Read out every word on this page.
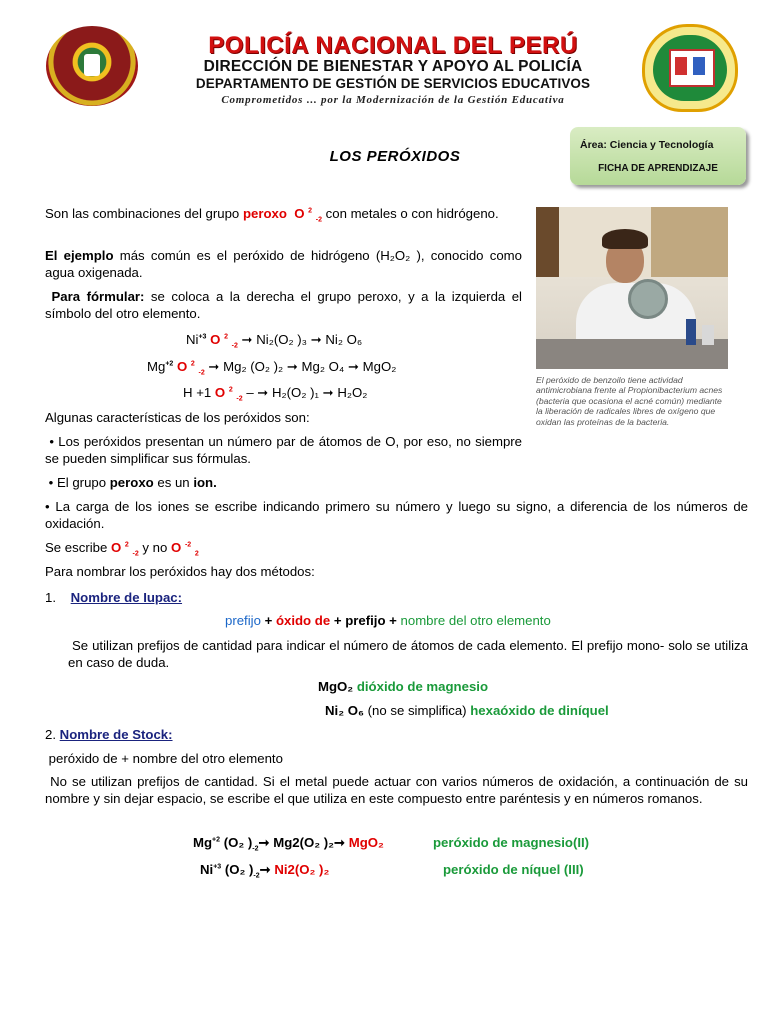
POLICÍA NACIONAL DEL PERÚ
DIRECCIÓN DE BIENESTAR Y APOYO AL POLICÍA
DEPARTAMENTO DE GESTIÓN DE SERVICIOS EDUCATIVOS
Comprometidos ... por la Modernización de la Gestión Educativa
Área: Ciencia y Tecnología
FICHA DE APRENDIZAJE
LOS PERÓXIDOS
El peróxido de benzoilo tiene actividad antimicrobiana frente al Propionibacterium acnes (bacteria que ocasiona el acné común) mediante la liberación de radicales libres de oxígeno que oxidan las proteínas de la bacteria.
Son las combinaciones del grupo peroxo O $^2$ $_{-2}$ con metales o con hidrógeno.
El ejemplo más común es el peróxido de hidrógeno (H₂O₂ ), conocido como agua oxigenada.
Para fórmular: se coloca a la derecha el grupo peroxo, y a la izquierda el símbolo del otro elemento.
$Ni^{+3}$ O $^2$ $_{-2}$ ➞ Ni₂(O₂ )₃ ➞ Ni₂ O₆
$Mg^{+2}$ O $^2$ $_{-2}$ ➞ Mg₂ (O₂ )₂ ➞ Mg₂ O₄ ➞ MgO₂
H +1 O $^2$ $_{-2}$ – ➞ H₂(O₂ )₁ ➞ H₂O₂
Algunas características de los peróxidos son:
• Los peróxidos presentan un número par de átomos de O, por eso, no siempre se pueden simplificar sus fórmulas.
• El grupo peroxo es un ion.
• La carga de los iones se escribe indicando primero su número y luego su signo, a diferencia de los números de oxidación.
Se escribe O $^2$ $_{-2}$ y no O $^{-2}$ $_2$
Para nombrar los peróxidos hay dos métodos:
1. Nombre de Iupac:
prefijo + óxido de + prefijo + nombre del otro elemento
Se utilizan prefijos de cantidad para indicar el número de átomos de cada elemento. El prefijo mono- solo se utiliza en caso de duda.
MgO₂ dióxido de magnesio
Ni₂ O₆ (no se simplifica) hexaóxido de diníquel
2. Nombre de Stock:
peróxido de + nombre del otro elemento
No se utilizan prefijos de cantidad. Si el metal puede actuar con varios números de oxidación, a continuación de su nombre y sin dejar espacio, se escribe el que utiliza en este compuesto entre paréntesis y en números romanos.
$Mg^{+2}$ (O₂ )$_{-2}➞$ Mg2(O₂ )₂➞ MgO₂	peróxido de magnesio(II)
$Ni^{+3}$ (O₂ )$_{-2}➞$ Ni2(O₂ )₂	peróxido de níquel (III)
